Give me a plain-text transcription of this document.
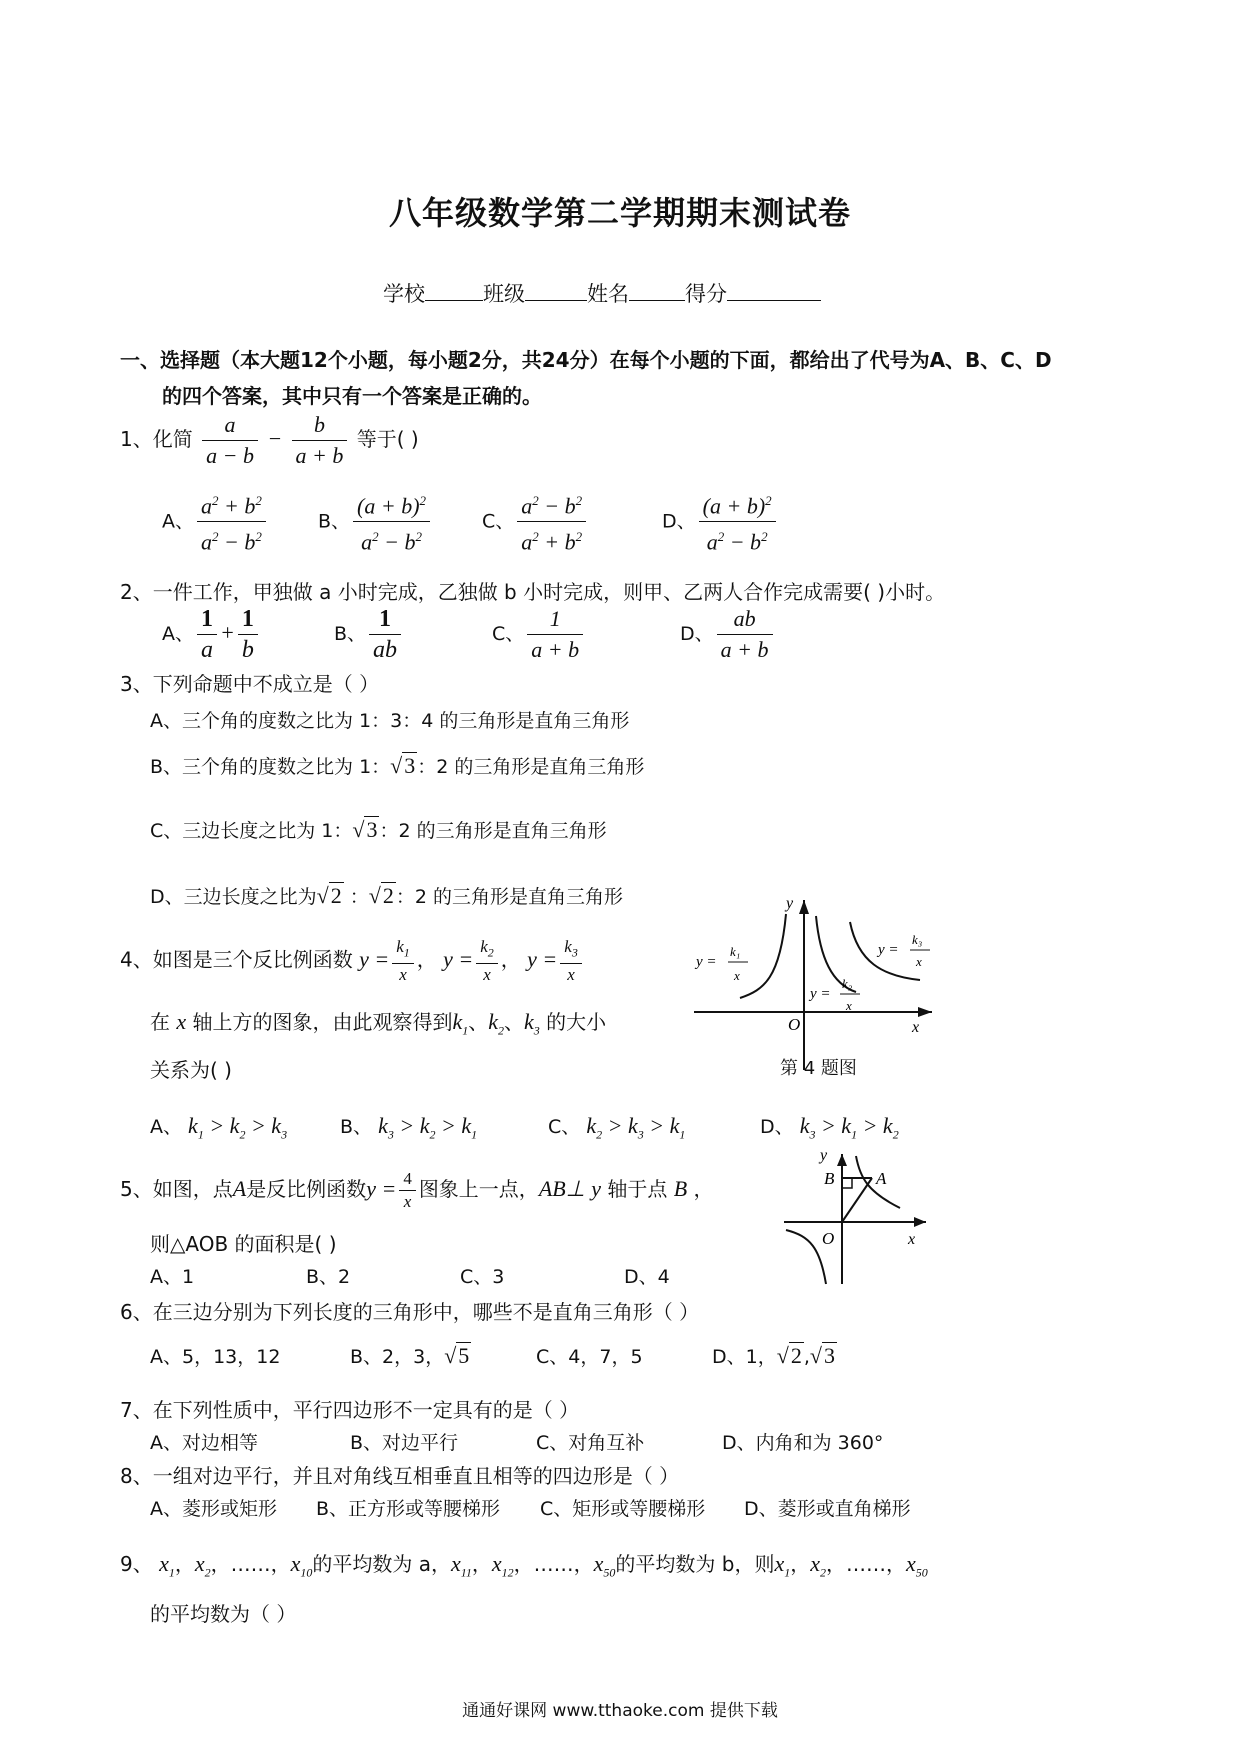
八年级数学第二学期期末测试卷
学校	班级	姓名	得分
一、选择题（本大题12个小题，每小题2分，共24分）在每个小题的下面，都给出了代号为A、B、C、D
的四个答案，其中只有一个答案是正确的。
1、化简 $\frac{a}{a - b} - \frac{b}{a + b}$ 等于( )
A、 $\frac{a^2 + b^2}{a^2 - b^2}$	B、 $\frac{(a + b)^2}{a^2 - b^2}$	C、 $\frac{a^2 - b^2}{a^2 + b^2}$	D、 $\frac{(a + b)^2}{a^2 - b^2}$
2、一件工作，甲独做 a 小时完成，乙独做 b 小时完成，则甲、乙两人合作完成需要( )小时。
A、 $\frac{1}{a} + \frac{1}{b}$	B、 $\frac{1}{ab}$	C、 $\frac{1}{a + b}$	D、 $\frac{ab}{a + b}$
3、下列命题中不成立是（ ）
A、三个角的度数之比为 1：3：4 的三角形是直角三角形
B、三个角的度数之比为 1：√3 ：2 的三角形是直角三角形
C、三边长度之比为 1：√3 ：2 的三角形是直角三角形
D、三边长度之比为√2 ：√2 ：2 的三角形是直角三角形
4、如图是三个反比例函数 $y = \frac{k_1}{x}$ ， $y = \frac{k_2}{x}$ ， $y = \frac{k_3}{x}$
在 x 轴上方的图象，由此观察得到$k_1$、$k_2$、$k_3$ 的大小
关系为( )
y
x
O
y =
k₁
x
y =
k₂
x
y =
k₃
x
第 4 题图
A、 $k_1 > k_2 > k_3$	B、 $k_3 > k_2 > k_1$	C、 $k_2 > k_3 > k_1$	D、 $k_3 > k_1 > k_2$
5、如图，点A是反比例函数$y = \frac{4}{x}$ 图象上一点，AB⊥ y 轴于点 B ，
则△AOB 的面积是( )
y
x
O
B A
A、1	B、2	C、3	D、4
6、在三边分别为下列长度的三角形中，哪些不是直角三角形（ ）
A、5，13，12	B、2，3，√5	C、4，7，5	D、1，√2 ,√3
7、在下列性质中，平行四边形不一定具有的是（ ）
A、对边相等	B、对边平行	C、对角互补	D、内角和为 360°
8、一组对边平行，并且对角线互相垂直且相等的四边形是（ ）
A、菱形或矩形 B、正方形或等腰梯形 C、矩形或等腰梯形 D、菱形或直角梯形
9、 $x_1$，$x_2$，……，$x_{10}$的平均数为 a，$x_{11}$，$x_{12}$，……，$x_{50}$的平均数为 b，则$x_1$，$x_2$，……，$x_{50}$
的平均数为（ ）
通通好课网 www.tthaoke.com 提供下载
